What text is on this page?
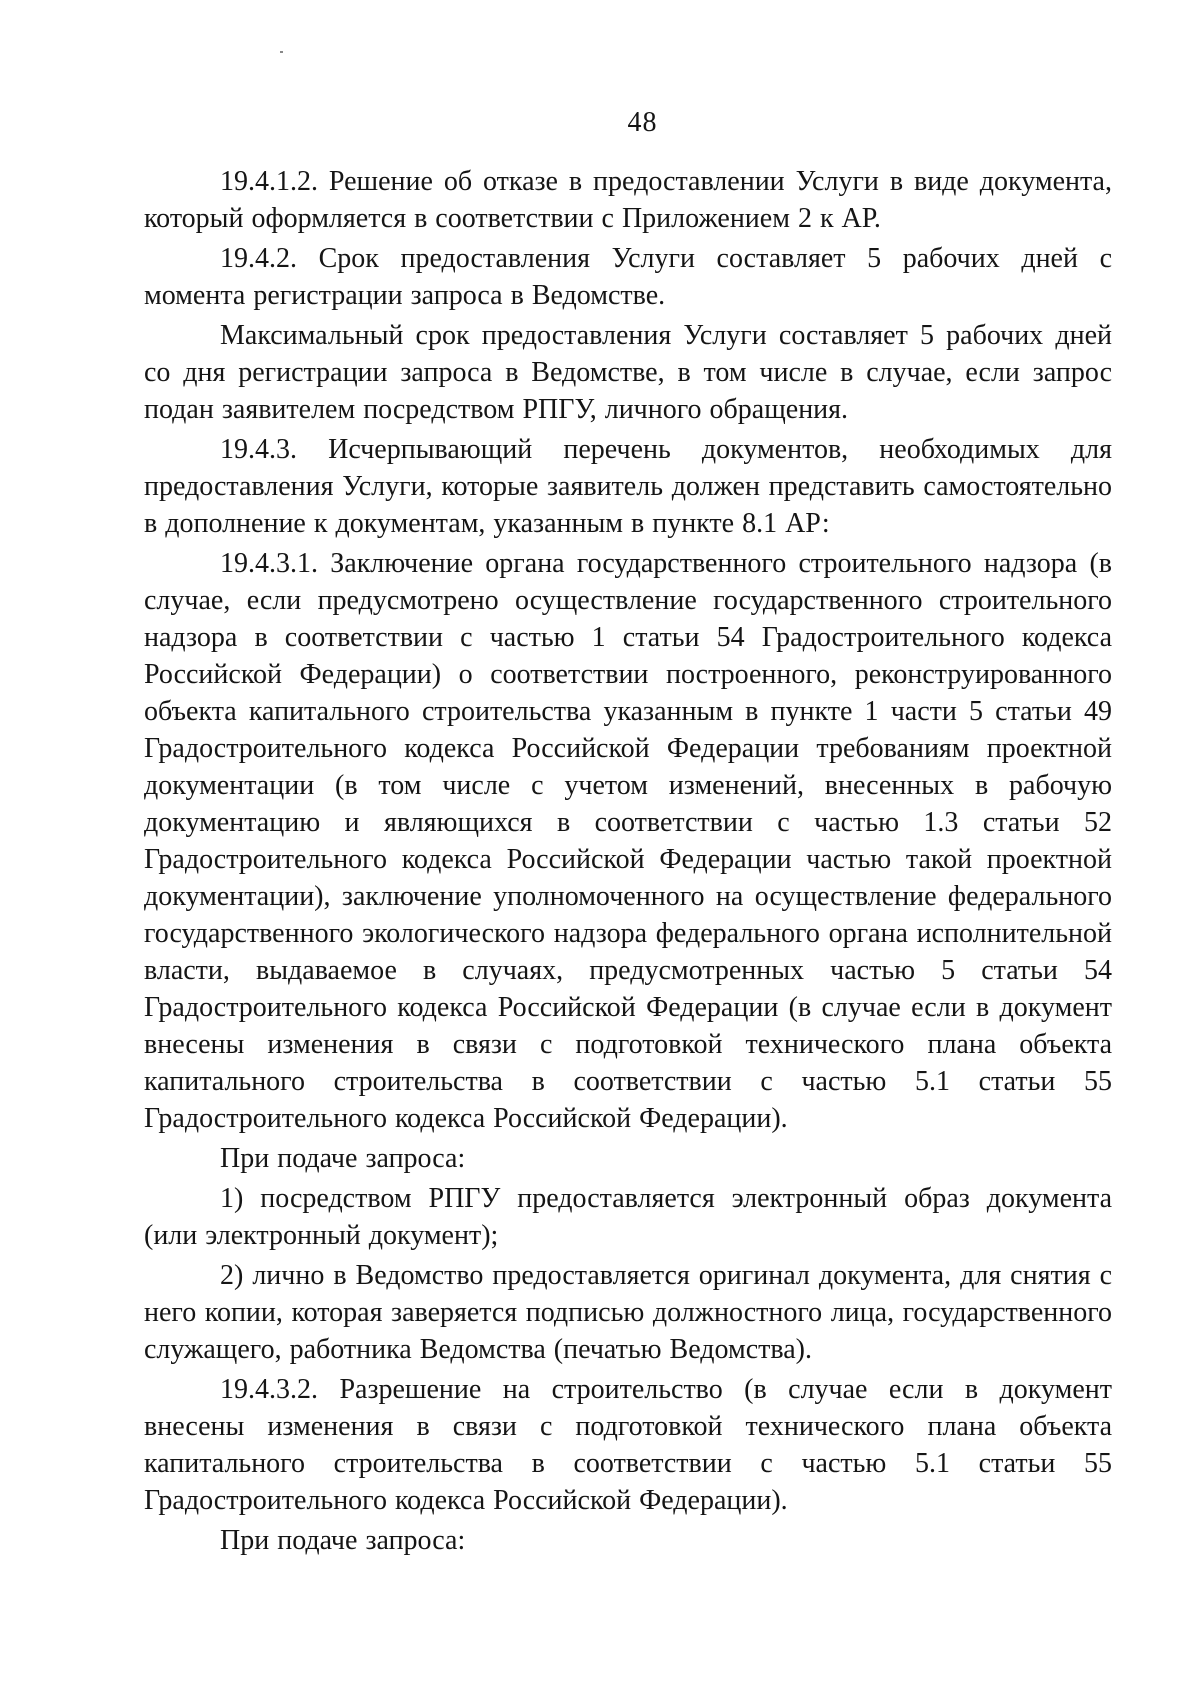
48

19.4.1.2. Решение об отказе в предоставлении Услуги в виде документа, который оформляется в соответствии с Приложением 2 к АР.

19.4.2. Срок предоставления Услуги составляет 5 рабочих дней с момента регистрации запроса в Ведомстве.

Максимальный срок предоставления Услуги составляет 5 рабочих дней со дня регистрации запроса в Ведомстве, в том числе в случае, если запрос подан заявителем посредством РПГУ, личного обращения.

19.4.3. Исчерпывающий перечень документов, необходимых для предоставления Услуги, которые заявитель должен представить самостоятельно в дополнение к документам, указанным в пункте 8.1 АР:

19.4.3.1. Заключение органа государственного строительного надзора (в случае, если предусмотрено осуществление государственного строительного надзора в соответствии с частью 1 статьи 54 Градостроительного кодекса Российской Федерации) о соответствии построенного, реконструированного объекта капитального строительства указанным в пункте 1 части 5 статьи 49 Градостроительного кодекса Российской Федерации требованиям проектной документации (в том числе с учетом изменений, внесенных в рабочую документацию и являющихся в соответствии с частью 1.3 статьи 52 Градостроительного кодекса Российской Федерации частью такой проектной документации), заключение уполномоченного на осуществление федерального государственного экологического надзора федерального органа исполнительной власти, выдаваемое в случаях, предусмотренных частью 5 статьи 54 Градостроительного кодекса Российской Федерации (в случае если в документ внесены изменения в связи с подготовкой технического плана объекта капитального строительства в соответствии с частью 5.1 статьи 55 Градостроительного кодекса Российской Федерации).

При подаче запроса:

1) посредством РПГУ предоставляется электронный образ документа (или электронный документ);

2) лично в Ведомство предоставляется оригинал документа, для снятия с него копии, которая заверяется подписью должностного лица, государственного служащего, работника Ведомства (печатью Ведомства).

19.4.3.2. Разрешение на строительство (в случае если в документ внесены изменения в связи с подготовкой технического плана объекта капитального строительства в соответствии с частью 5.1 статьи 55 Градостроительного кодекса Российской Федерации).

При подаче запроса:
